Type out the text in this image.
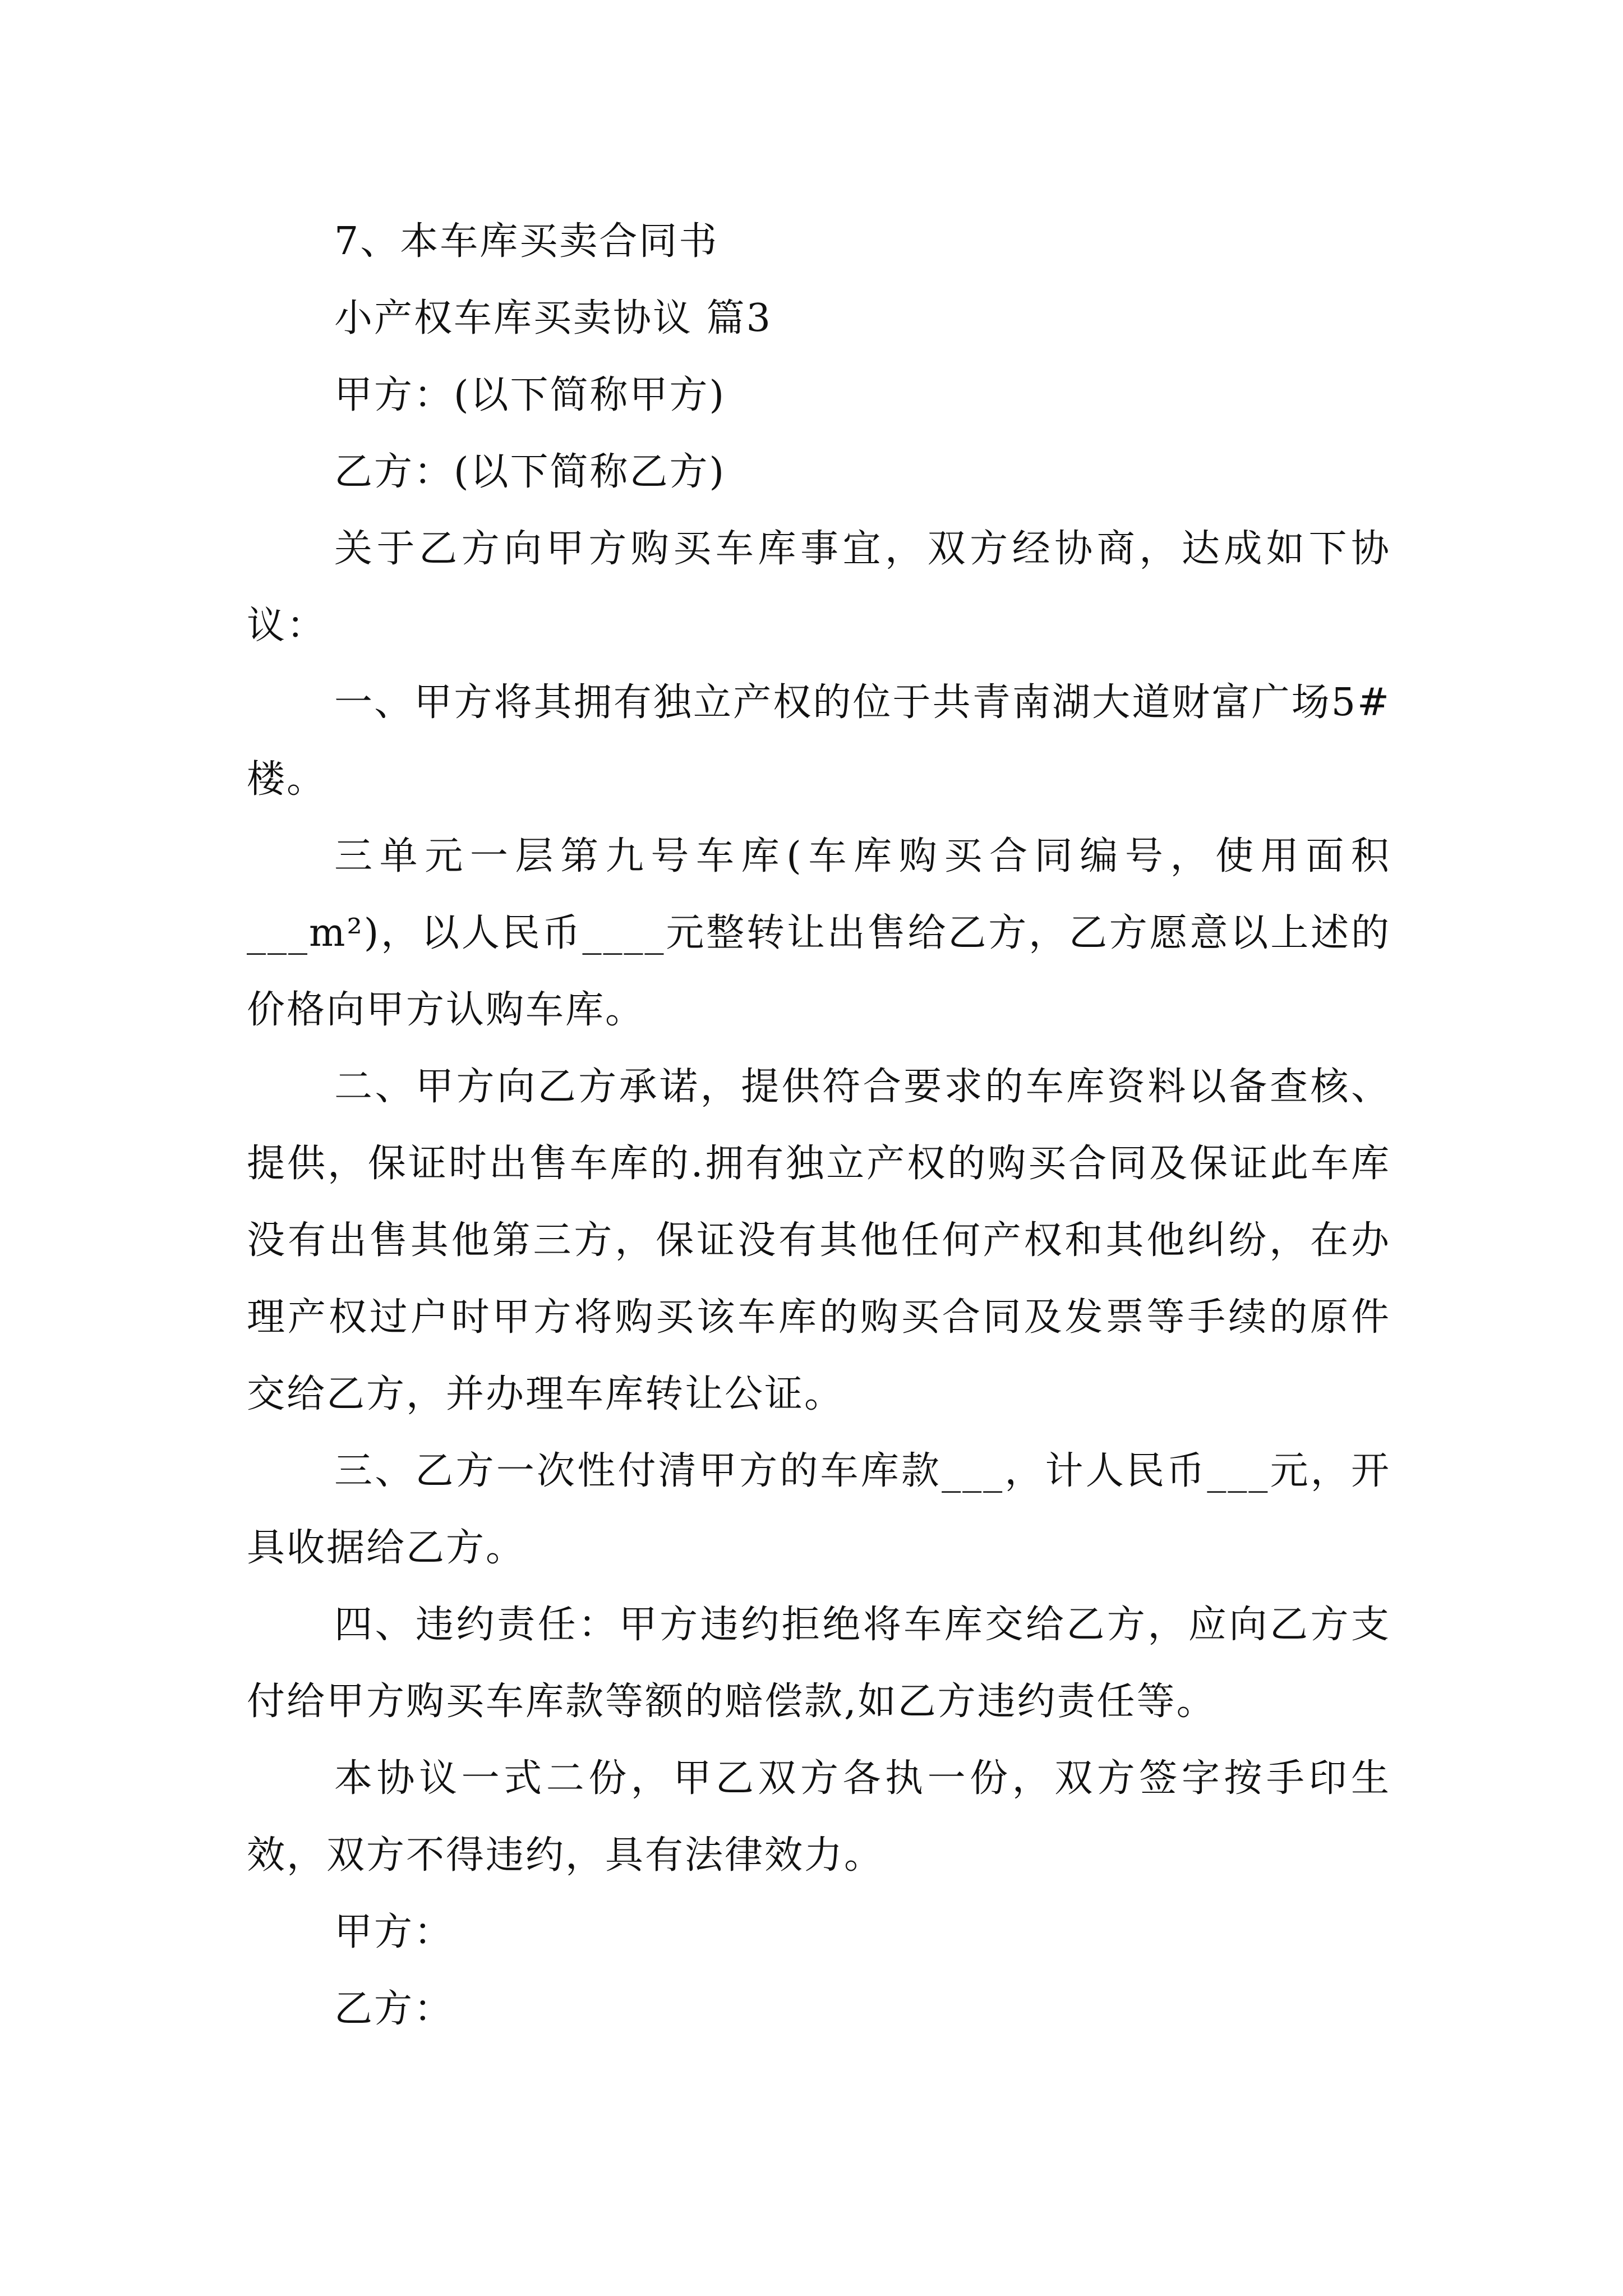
7、本车库买卖合同书

小产权车库买卖协议 篇3

甲方：(以下简称甲方)

乙方：(以下简称乙方)

关于乙方向甲方购买车库事宜，双方经协商，达成如下协议：

一、甲方将其拥有独立产权的位于共青南湖大道财富广场5#楼。

三单元一层第九号车库(车库购买合同编号，使用面积___m²)，以人民币____元整转让出售给乙方，乙方愿意以上述的价格向甲方认购车库。

二、甲方向乙方承诺，提供符合要求的车库资料以备查核、提供，保证时出售车库的.拥有独立产权的购买合同及保证此车库没有出售其他第三方，保证没有其他任何产权和其他纠纷，在办理产权过户时甲方将购买该车库的购买合同及发票等手续的原件交给乙方，并办理车库转让公证。

三、乙方一次性付清甲方的车库款___，计人民币___元，开具收据给乙方。

四、违约责任：甲方违约拒绝将车库交给乙方，应向乙方支付给甲方购买车库款等额的赔偿款,如乙方违约责任等。

本协议一式二份，甲乙双方各执一份，双方签字按手印生效，双方不得违约，具有法律效力。

甲方：

乙方：
